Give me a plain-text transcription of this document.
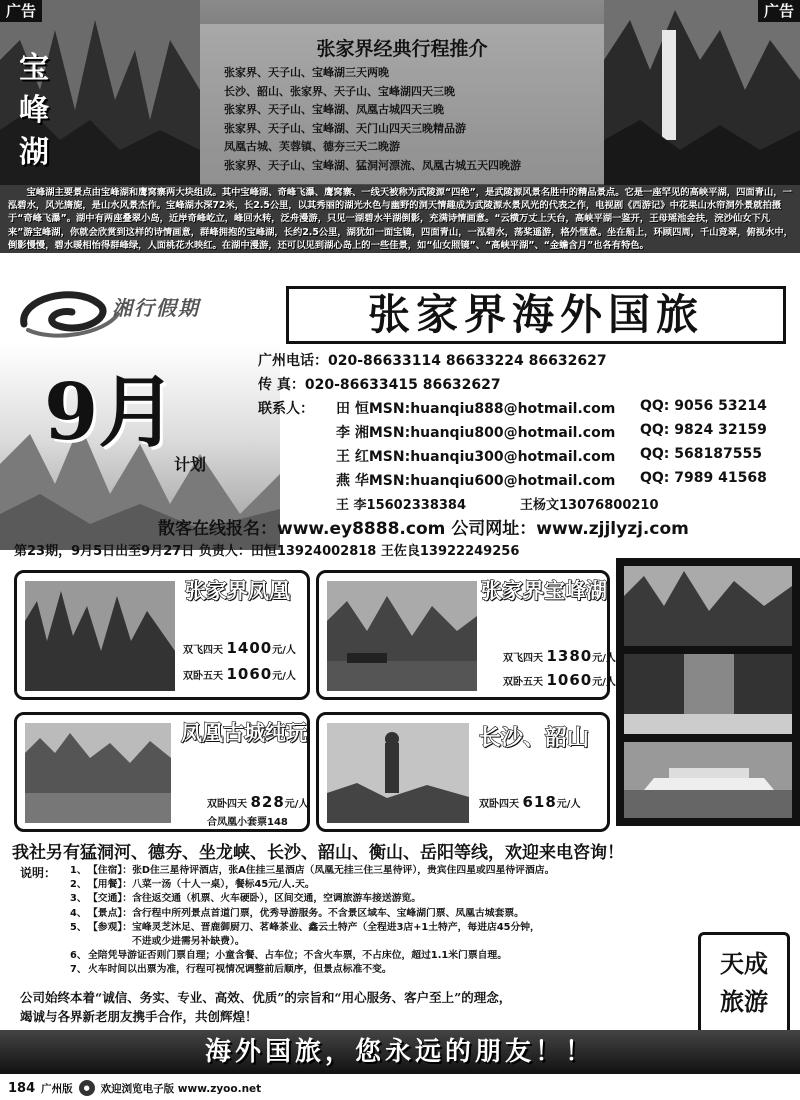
宝峰湖
张家界经典行程推介
张家界、天子山、宝峰湖三天两晚
长沙、韶山、张家界、天子山、宝峰湖四天三晚
张家界、天子山、宝峰湖、凤凰古城四天三晚
张家界、天子山、宝峰湖、天门山四天三晚精品游
凤凰古城、芙蓉镇、德夯三天二晚游
张家界、天子山、宝峰湖、猛洞河漂流、凤凰古城五天四晚游

宝峰湖主要景点由宝峰湖和鹰窝寨两大块组成。其中宝峰湖、奇峰飞瀑、鹰窝寨、一线天被称为武陵源“四绝”，是武陵源风景名胜中的精品景点。它是一座罕见的高峡平湖，四面青山，一泓碧水，风光旖旎，是山水风景杰作。宝峰湖水深72米，长2.5公里，以其秀丽的湖光水色与幽野的洞天情趣成为武陵源水景风光的代表之作，电视剧《西游记》中花果山水帘洞外景就拍摄于“奇峰飞瀑”。湖中有两座叠翠小岛，近岸奇峰屹立，峰回水转，泛舟漫游，只见一湖碧水半湖倒影，充满诗情画意。“云横万丈上天台，高峡平湖一鉴开，王母瑶池金扶，浣沙仙女下凡来”游宝峰湖，你就会欣赏到这样的诗情画意，群峰拥抱的宝峰湖，长约2.5公里，湖犹如一面宝镜，四面青山，一泓碧水，荡桨遥游，格外惬意。坐在船上，环顾四周，千山竞翠，俯视水中，倒影慢慢，碧水暖相怡得群峰绿，人面桃花水映红。在湖中漫游，还可以见到湖心岛上的一些佳景，如“仙女照镜”、“高峡平湖”、“金蟾含月”也各有特色。

广告	广告
湘行假期	张家界海外国旅
9月
计划
广州电话：020-86633114 86633224 86632627
传 真：020-86633415 86632627
联系人： 田 恒MSN:huanqiu888@hotmail.com QQ: 9056 53214
李 湘MSN:huanqiu800@hotmail.com QQ: 9824 32159
王 红MSN:huanqiu300@hotmail.com QQ: 568187555
燕 华MSN:huanqiu600@hotmail.com QQ: 7989 41568
王 李15602338384	王杨文13076800210
散客在线报名：www.ey8888.com 公司网址：www.zjjlyzj.com
第23期，9月5日出至9月27日 负责人：田恒13924002818 王佐良13922249256
张家界凤凰
双飞四天 1400元/人
双卧五天 1060元/人
张家界宝峰湖
双飞四天 1380元/人
双卧五天 1060元/人
凤凰古城纯玩
双卧四天 828元/人
合凤凰小套票148
长沙、韶山
双卧四天 618元/人
我社另有猛洞河、德夯、坐龙峡、长沙、韶山、衡山、岳阳等线，欢迎来电咨询！
说明： 1、【住宿】：张D住三星待评酒店，张A住挂三星酒店（凤凰无挂三住三星待评），贵宾住四星或四星待评酒店。
2、【用餐】：八菜一汤（十人一桌），餐标45元/人.天。
3、【交通】：含往返交通（机票、火车硬卧），区间交通，空调旅游车接送游览。
4、【景点】：含行程中所列景点首道门票，优秀导游服务。不含景区域车、宝峰湖门票、凤凰古城套票。
5、【参观】：宝峰灵芝沐足、晋鹿御厨刀、茗峰茶业、鑫云土特产（全程进3店+1土特产，每进店45分钟，
不进或少进需另补缺费）。
6、全陪凭导游证否则门票自理；小童含餐、占车位；不含火车票，不占床位，超过1.1米门票自理。
7、火车时间以出票为准，行程可视情况调整前后顺序，但景点标准不变。
公司始终本着“诚信、务实、专业、高效、优质”的宗旨和“用心服务、客户至上”的理念，
竭诚与各界新老朋友携手合作，共创辉煌！
天成
旅游
海外国旅，您永远的朋友！！
184 广州版	●	欢迎浏览电子版 www.zyoo.net
